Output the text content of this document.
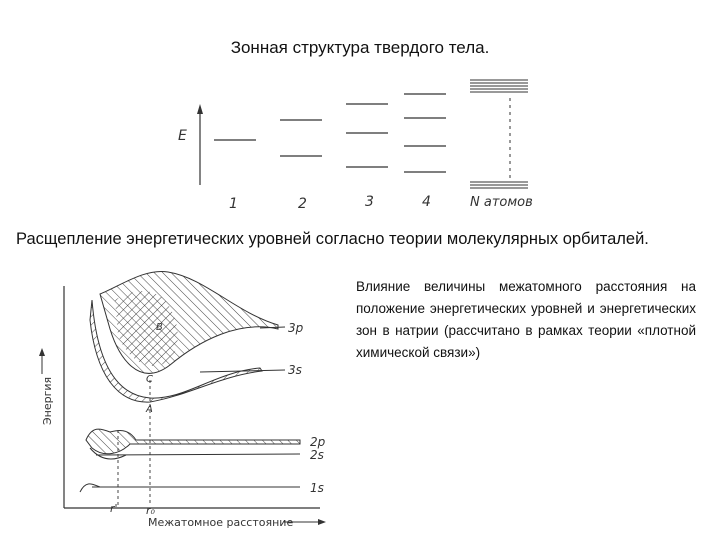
Зонная структура твердого тела.
E
1	2	3	4	N атомов
Энергия
Межатомное расстояние
3p
3s
2p
2s
1s
B
C
A
r'	r₀
Расщепление энергетических уровней согласно теории молекулярных орбиталей.
Влияние величины межатомного расстояния на положение энергетических уровней и энергетических зон в натрии (рассчитано в рамках теории «плотной химической связи»)
